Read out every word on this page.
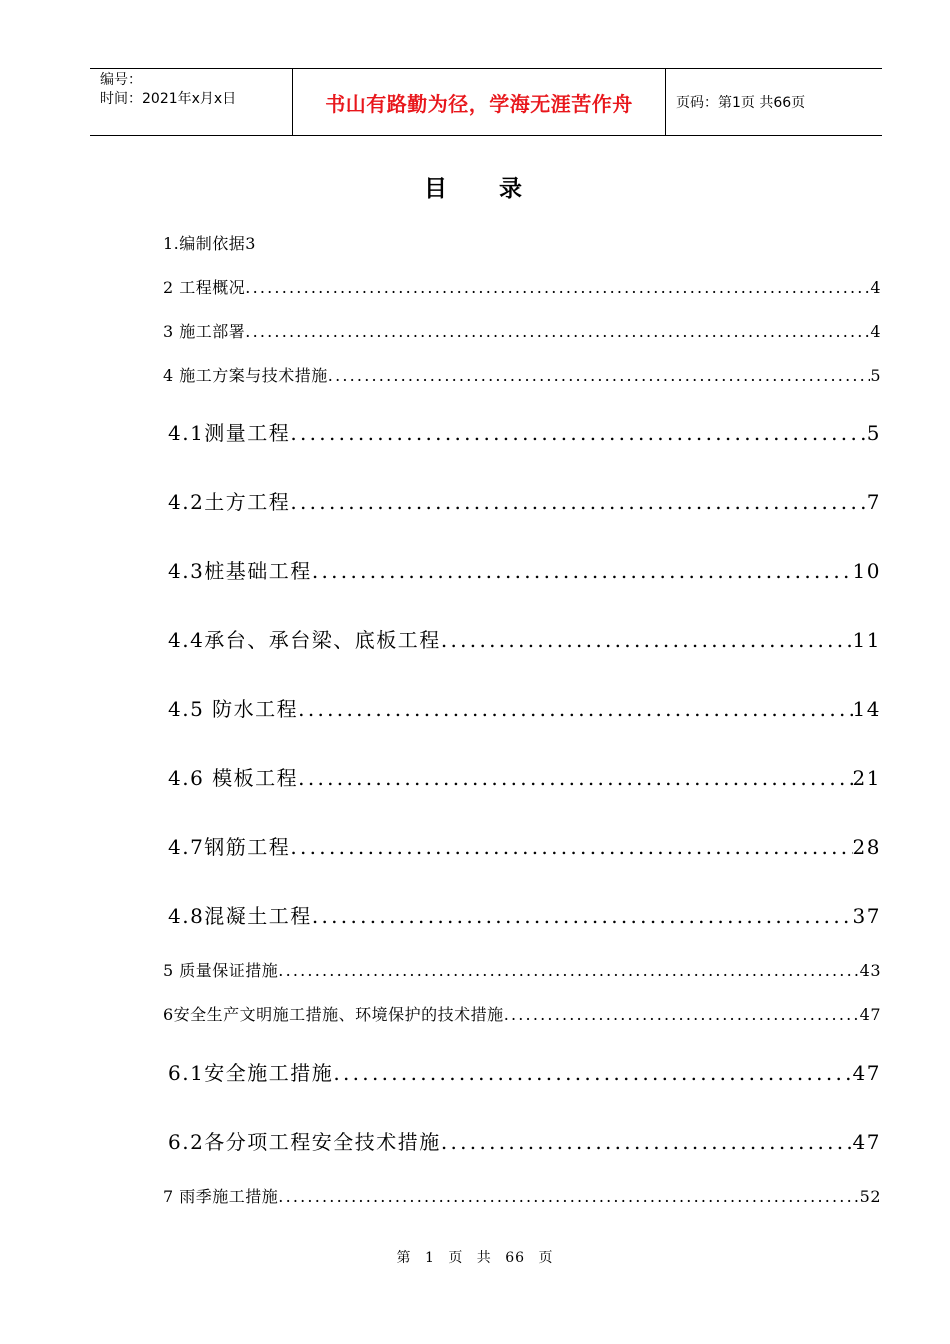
编号：
时间：2021年x月x日	书山有路勤为径，学海无涯苦作舟	页码：第1页 共66页
目录
1.编制依据3
2 工程概况 .....	4
3 施工部署 .....	4
4 施工方案与技术措施 .....	5
4.1测量工程 .....	5
4.2土方工程 .....	7
4.3桩基础工程 .....	10
4.4承台、承台梁、底板工程 .....	11
4.5 防水工程 .....	14
4.6 模板工程 .....	21
4.7钢筋工程 .....	28
4.8混凝土工程 .....	37
5 质量保证措施 .....	43
6安全生产文明施工措施、环境保护的技术措施 .....	47
6.1安全施工措施 .....	47
6.2各分项工程安全技术措施 .....	47
7 雨季施工措施 .....	52
第 1 页 共 66 页
